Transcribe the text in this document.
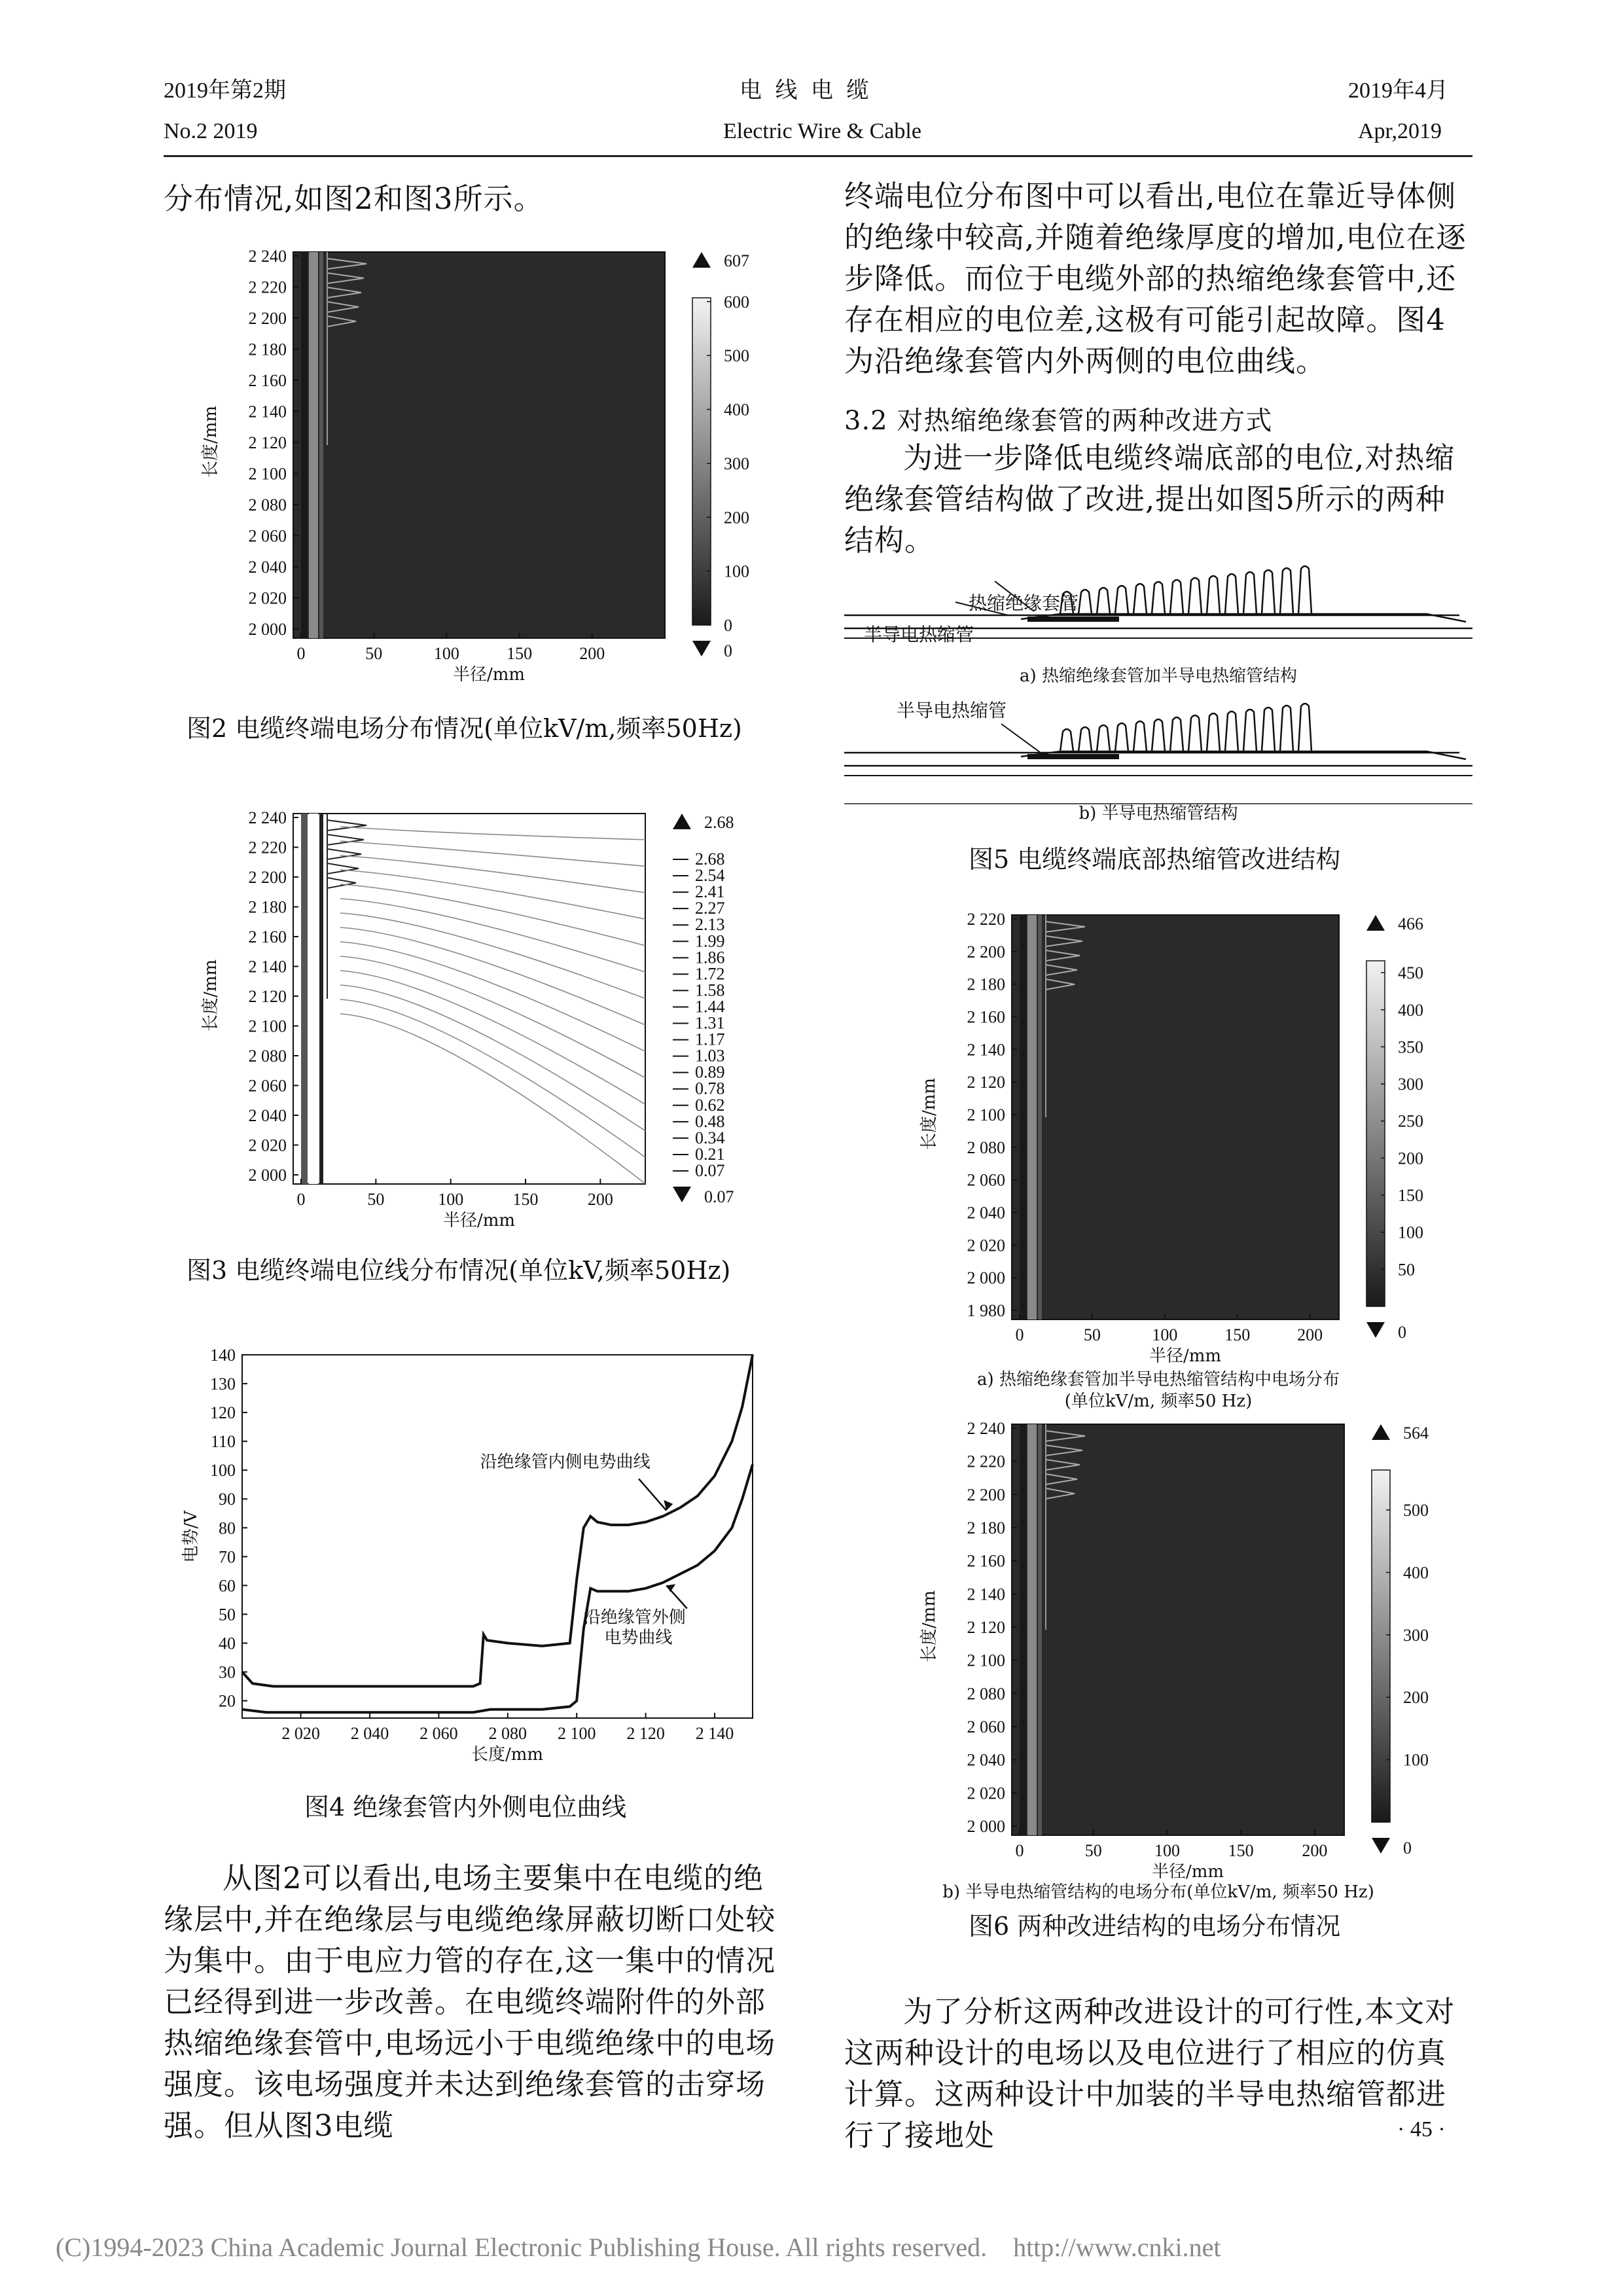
2019年第2期
No.2 2019
电 线 电 缆
Electric Wire & Cable
2019年4月
Apr,2019
分布情况,如图2和图3所示。
2 240
2 220
2 200
2 180
2 160
2 140
2 120
2 100
2 080
2 060
2 040
2 020
2 000
0	50	100	150	200
半径/mm
长度/mm
607
0
600
500
400
300
200
100
0
图2 电缆终端电场分布情况(单位kV/m,频率50Hz)
2 240
2 220
2 200
2 180
2 160
2 140
2 120
2 100
2 080
2 060
2 040
2 020
2 000
0	50	100	150	200
半径/mm
长度/mm
2.68
0.07
2.68
2.54
2.41
2.27
2.13
1.99
1.86
1.72
1.58
1.44
1.31
1.17
1.03
0.89
0.78
0.62
0.48
0.34
0.21
0.07
图3 电缆终端电位线分布情况(单位kV,频率50Hz)
20
30
40
50
60
70
80
90
100
110
120
130
140
2 020 2 040 2 060 2 080 2 100 2 120 2 140
长度/mm
电势/V
沿绝缘管内侧电势曲线
沿绝缘管外侧
电势曲线
图4 绝缘套管内外侧电位曲线

从图2可以看出,电场主要集中在电缆的绝缘层中,并在绝缘层与电缆绝缘屏蔽切断口处较为集中。由于电应力管的存在,这一集中的情况已经得到进一步改善。在电缆终端附件的外部热缩绝缘套管中,电场远小于电缆绝缘中的电场强度。该电场强度并未达到绝缘套管的击穿场强。但从图3电缆

终端电位分布图中可以看出,电位在靠近导体侧的绝缘中较高,并随着绝缘厚度的增加,电位在逐步降低。而位于电缆外部的热缩绝缘套管中,还存在相应的电位差,这极有可能引起故障。图4为沿绝缘套管内外两侧的电位曲线。

3.2 对热缩绝缘套管的两种改进方式

为进一步降低电缆终端底部的电位,对热缩绝缘套管结构做了改进,提出如图5所示的两种结构。

a) 热缩绝缘套管加半导电热缩管结构
b) 半导电热缩管结构
图5 电缆终端底部热缩管改进结构
热缩绝缘套管
半导电热缩管
半导电热缩管
2 220
2 200
2 180
2 160
2 140
2 120
2 100
2 080
2 060
2 040
2 020
2 000
1 980
0	50	100	150	200
半径/mm
长度/mm
466
0
450
400
350
300
250
200
150
100
50
a) 热缩绝缘套管加半导电热缩管结构中电场分布
(单位kV/m, 频率50 Hz)
2 240
2 220
2 200
2 180
2 160
2 140
2 120
2 100
2 080
2 060
2 040
2 020
2 000
0	50	100	150	200
半径/mm
长度/mm
564
0
500
400
300
200
100
b) 半导电热缩管结构的电场分布(单位kV/m, 频率50 Hz)
图6 两种改进结构的电场分布情况

为了分析这两种改进设计的可行性,本文对这两种设计的电场以及电位进行了相应的仿真计算。这两种设计中加装的半导电热缩管都进行了接地处	· 45 ·
(C)1994-2023 China Academic Journal Electronic Publishing House. All rights reserved.    http://www.cnki.net
